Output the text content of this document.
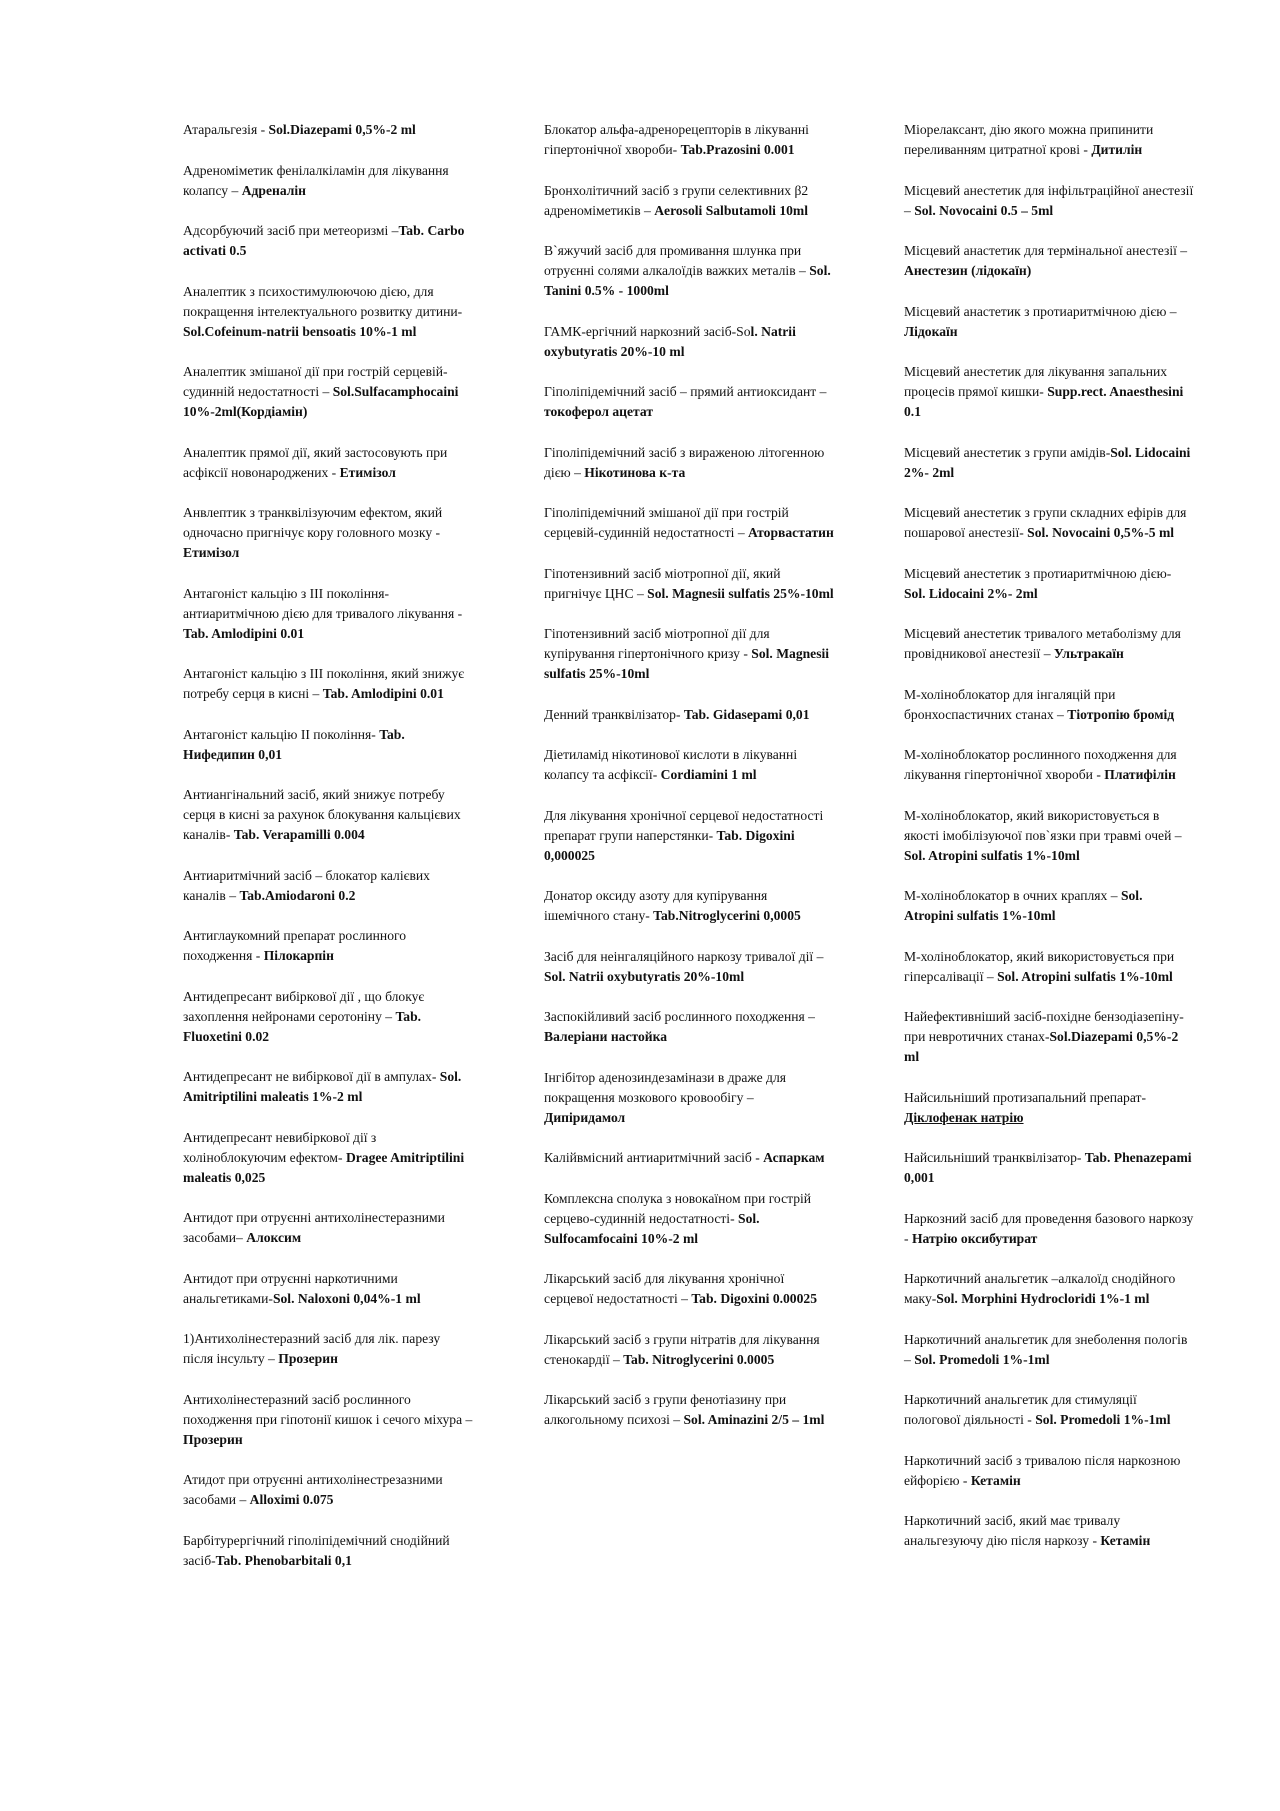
Атаральгезія - Sol.Diazepami 0,5%-2 ml
Адреноміметик фенілалкіламін для лікування колапсу – Адреналін
Адсорбуючий засіб при метеоризмі –Tab. Carbo activati 0.5
Аналептик з психостимулюючою дією, для покращення інтелектуального розвитку дитини- Sol.Cofeinum-natrii bensoatis 10%-1 ml
Аналептик змішаної дії при гострій серцевій-судинній недостатності – Sol.Sulfacamphocaini 10%-2ml(Кордіамін)
Аналептик прямої дії, який застосовують при асфіксії новонароджених - Етимізол
Анвлептик з транквілізуючим ефектом, який одночасно пригнічує кору головного мозку - Етимізол
Антагоніст кальцію з ІІІ покоління-антиаритмічною дією для тривалого лікування - Tab. Amlodipini 0.01
Антагоніст кальцію з ІІІ покоління, який знижує потребу серця в кисні – Tab. Amlodipini 0.01
Антагоніст кальцію ІІ покоління- Tab. Нифедипин 0,01
Антиангінальний засіб, який знижує потребу серця в кисні за рахунок блокування кальцієвих каналів- Tab. Verapamilli 0.004
Антиаритмічний засіб – блокатор калієвих каналів – Tab.Amiodaroni 0.2
Антиглаукомний препарат рослинного походження - Пілокарпін
Антидепресант вибіркової дії , що блокує захоплення нейронами серотоніну – Tab. Fluoxetini 0.02
Антидепресант не вибіркової дії в ампулах- Sol. Amitriptilini maleatis 1%-2 ml
Антидепресант невибіркової дії з холіноблокуючим ефектом- Dragee Amitriptilini maleatis 0,025
Антидот при отруєнні антихолінестеразними засобами– Алоксим
Антидот при отруєнні наркотичними анальгетиками-Sol. Naloxoni 0,04%-1 ml
1)Антихолінестеразний засіб для лік. парезу після інсульту – Прозерин
Антихолінестеразний засіб рослинного походження при гіпотонії кишок і сечого міхура – Прозерин
Атидот при отруєнні антихолінестрезазними засобами – Alloximi 0.075
Барбітурергічний гіполіпідемічний снодійний засіб-Tab. Phenobarbitali 0,1
Блокатор альфа-адренорецепторів в лікуванні гіпертонічної хвороби- Tab.Prazosini 0.001
Бронхолітичний засіб з групи селективних β2 адреноміметиків – Aerosoli Salbutamoli 10ml
В`яжучий засіб для промивання шлунка при отруєнні солями алкалоїдів важких металів – Sol. Tanini 0.5% - 1000ml
ГАМК-ергічний наркозний засіб-Sol. Natrii oxybutyratis 20%-10 ml
Гіполіпідемічний засіб – прямий антиоксидант – токоферол ацетат
Гіполіпідемічний засіб з вираженою літогенною дією – Нікотинова к-та
Гіполіпідемічний змішаної дії при гострій серцевій-судинній недостатності – Аторвастатин
Гіпотензивний засіб міотропної дії, який пригнічує ЦНС – Sol. Magnesii sulfatis 25%-10ml
Гіпотензивний засіб міотропної дії для купірування гіпертонічного кризу - Sol. Magnesii sulfatis 25%-10ml
Денний транквілізатор- Tab. Gidasepami 0,01
Діетиламід нікотинової кислоти в лікуванні колапсу та асфіксії- Cordiamini 1 ml
Для лікування хронічної серцевої недостатності препарат групи наперстянки- Tab. Digoxini 0,000025
Донатор оксиду азоту для купірування ішемічного стану- Tab.Nitroglycerini 0,0005
Засіб для неінгаляційного наркозу тривалої дії – Sol. Natrii oxybutyratis 20%-10ml
Заспокійливий засіб рослинного походження – Валеріани настойка
Інгібітор аденозиндезамінази в драже для покращення мозкового кровообігу – Дипіридамол
Калійвмісний антиаритмічний засіб - Аспаркам
Комплексна сполука з новокаїном при гострій серцево-судинній недостатності- Sol. Sulfocamfocaini 10%-2 ml
Лікарський засіб для лікування хронічної серцевої недостатності – Tab. Digoxini 0.00025
Лікарський засіб з групи нітратів для лікування стенокардії – Tab. Nitroglycerini 0.0005
Лікарський засіб з групи фенотіазину при алкогольному психозі – Sol. Aminazini 2/5 – 1ml
Міорелаксант, дію якого можна припинити переливанням цитратної крові - Дитилін
Місцевий анестетик для інфільтраційної анестезії – Sol. Novocaini 0.5 – 5ml
Місцевий анастетик для термінальної анестезії – Анестезин (лідокаїн)
Місцевий анастетик з протиаритмічною дією – Лідокаїн
Місцевий анестетик для лікування запальних процесів прямої кишки- Supp.rect. Anaesthesini 0.1
Місцевий анестетик з групи амідів-Sol. Lidocaini 2%- 2ml
Місцевий анестетик з групи складних ефірів для пошарової анестезії- Sol. Novocaini 0,5%-5 ml
Місцевий анестетик з протиаритмічною дією- Sol. Lidocaini 2%- 2ml
Місцевий анестетик тривалого метаболізму для провідникової анестезії – Ультракаїн
М-холіноблокатор для інгаляцій при бронхоспастичних станах – Тіотропію бромід
М-холіноблокатор рослинного походження для лікування гіпертонічної хвороби - Платифілін
М-холіноблокатор, який використовується в якості імобілізуючої пов`язки при травмі очей – Sol. Atropini sulfatis 1%-10ml
М-холіноблокатор в очних краплях – Sol. Atropini sulfatis 1%-10ml
М-холіноблокатор, який використовується при гіперсалівації – Sol. Atropini sulfatis 1%-10ml
Найефективніший засіб-похідне бензодіазепіну-при невротичних станах-Sol.Diazepami 0,5%-2 ml
Найсильніший протизапальний препарат-Діклофенак натрію
Найсильніший транквілізатор- Tab. Phenazepami 0,001
Наркозний засіб для проведення базового наркозу - Натрію оксибутират
Наркотичний анальгетик –алкалоїд снодійного маку-Sol. Morphini Hydrocloridi 1%-1 ml
Наркотичний анальгетик для знеболення пологів – Sol. Promedoli 1%-1ml
Наркотичний анальгетик для стимуляції пологової діяльності - Sol. Promedoli 1%-1ml
Наркотичний засіб з тривалою після наркозною ейфорією - Кетамін
Наркотичний засіб, який має тривалу анальгезуючу дію після наркозу - Кетамін
